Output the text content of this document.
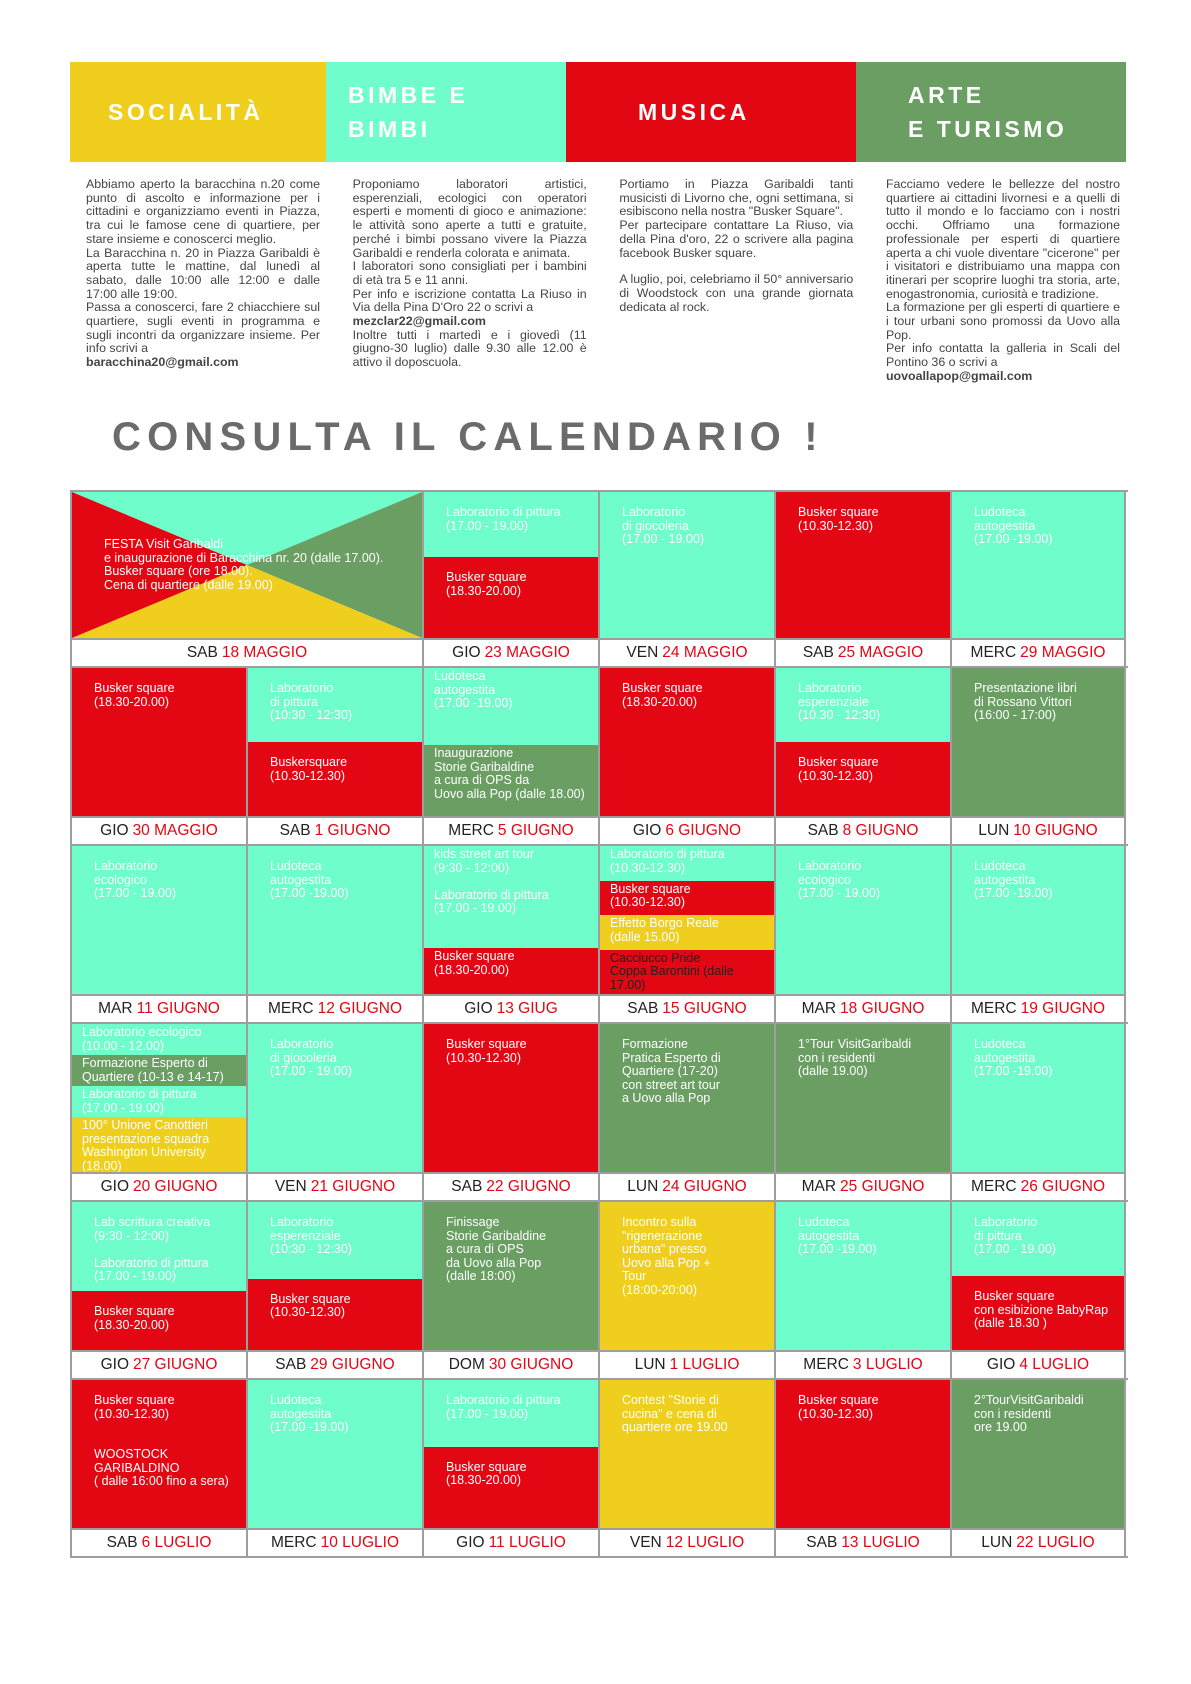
SOCIALITÀ
BIMBE E
BIMBI
MUSICA
ARTE
E TURISMO

Abbiamo aperto la baracchina n.20 come punto di ascolto e informazione per i cittadini e organizziamo eventi in Piazza, tra cui le famose cene di quartiere, per stare insieme e conoscerci meglio.

La Baracchina n. 20 in Piazza Garibaldi è aperta tutte le mattine, dal lunedì al sabato, dalle 10:00 alle 12:00 e dalle 17:00 alle 19:00.

Passa a conoscerci, fare 2 chiacchiere sul quartiere, sugli eventi in programma e sugli incontri da organizzare insieme. Per info scrivi a

baracchina20@gmail.com

Proponiamo laboratori artistici, esperenziali, ecologici con operatori esperti e momenti di gioco e animazione: le attività sono aperte a tutti e gratuite, perché i bimbi possano vivere la Piazza Garibaldi e renderla colorata e animata.

I laboratori sono consigliati per i bambini di età tra 5 e 11 anni.

Per info e iscrizione contatta La Riuso in Via della Pina D'Oro 22 o scrivi a

mezclar22@gmail.com

Inoltre tutti i martedì e i giovedì (11 giugno-30 luglio) dalle 9.30 alle 12.00 è attivo il doposcuola.

Portiamo in Piazza Garibaldi tanti musicisti di Livorno che, ogni settimana, si esibiscono nella nostra "Busker Square".

Per partecipare contattare La Riuso, via della Pina d'oro, 22 o scrivere alla pagina facebook Busker square.

A luglio, poi, celebriamo il 50° anniversario di Woodstock con una grande giornata dedicata al rock.

Facciamo vedere le bellezze del nostro quartiere ai cittadini livornesi e a quelli di tutto il mondo e lo facciamo con i nostri occhi. Offriamo una formazione professionale per esperti di quartiere aperta a chi vuole diventare "cicerone" per i visitatori e distribuiamo una mappa con itinerari per scoprire luoghi tra storia, arte, enogastronomia, curiosità e tradizione.

La formazione per gli esperti di quartiere e i tour urbani sono promossi da Uovo alla Pop.

Per info contatta la galleria in Scali del Pontino 36 o scrivi a

uovoallapop@gmail.com

CONSULTA IL CALENDARIO !
FESTA Visit Garibaldi
e inaugurazione di Baracchina nr. 20 (dalle 17.00).
Busker square (ore 18.00).
Cena di quartiere (dalle 19.00)
SAB 18 MAGGIO
Laboratorio di pittura
(17.00 - 19.00)
Busker square
(18.30-20.00)
GIO 23 MAGGIO
Laboratorio
di giocoleria
(17.00 - 19.00)
VEN 24 MAGGIO
Busker square
(10.30-12.30)
SAB 25 MAGGIO
Ludoteca
autogestita
(17.00 -19.00)
MERC 29 MAGGIO
Busker square
(18.30-20.00)
GIO 30 MAGGIO
Laboratorio
di pittura
(10:30 - 12:30)
Buskersquare
(10.30-12.30)
SAB 1 GIUGNO
Ludoteca
autogestita
(17.00 -19.00)
Inaugurazione
Storie Garibaldine
a cura di OPS da
Uovo alla Pop (dalle 18.00)
MERC 5 GIUGNO
Busker square
(18.30-20.00)
GIO 6 GIUGNO
Laboratorio
esperenziale
(10.30 - 12:30)
Busker square
(10.30-12.30)
SAB 8 GIUGNO
Presentazione libri
di Rossano Vittori
(16:00 - 17:00)
LUN 10 GIUGNO
Laboratorio
ecologico
(17.00 - 19.00)
MAR 11 GIUGNO
Ludoteca
autogestita
(17.00 -19.00)
MERC 12 GIUGNO
kids street art tour
(9:30 - 12:00)

Laboratorio di pittura
(17.00 - 19.00)
Busker square
(18.30-20.00)
GIO 13 GIUG
Laboratorio di pittura
(10.30-12.30)
Busker square
(10.30-12.30)
Effetto Borgo Reale
(dalle 15.00)
Cacciucco Pride
Coppa Barontini (dalle 17.00)
SAB 15 GIUGNO
Laboratorio
ecologico
(17.00 - 19.00)
MAR 18 GIUGNO
Ludoteca
autogestita
(17.00 -19.00)
MERC 19 GIUGNO
Laboratorio ecologico
(10.00 - 12.00)
Formazione Esperto di
Quartiere (10-13 e 14-17)
Laboratorio di pittura
(17.00 - 19.00)
100° Unione Canottieri
presentazione squadra
Washington University (18.00)
GIO 20 GIUGNO
Laboratorio
di giocoleria
(17.00 - 19.00)
VEN 21 GIUGNO
Busker square
(10.30-12.30)
SAB 22 GIUGNO
Formazione
Pratica Esperto di
Quartiere (17-20)
con street art tour
a Uovo alla Pop
LUN 24 GIUGNO
1°Tour VisitGaribaldi
con i residenti
(dalle 19.00)
MAR 25 GIUGNO
Ludoteca
autogestita
(17.00 -19.00)
MERC 26 GIUGNO
Lab scrittura creativa
(9:30 - 12:00)

Laboratorio di pittura
(17.00 - 19.00)
Busker square
(18.30-20.00)
GIO 27 GIUGNO
Laboratorio
esperenziale
(10:30 - 12:30)
Busker square
(10.30-12.30)
SAB 29 GIUGNO
Finissage
Storie Garibaldine
a cura di OPS
da Uovo alla Pop
(dalle 18:00)
DOM 30 GIUGNO
Incontro sulla
"rigenerazione
urbana" presso
Uovo alla Pop +
Tour
(18:00-20:00)
LUN 1 LUGLIO
Ludoteca
autogestita
(17.00 -19.00)
MERC 3 LUGLIO
Laboratorio
di pittura
(17.00 - 19.00)
Busker square
con esibizione BabyRap
(dalle 18.30 )
GIO 4 LUGLIO
Busker square
(10.30-12.30)

WOOSTOCK
GARIBALDINO
( dalle 16:00 fino a sera)
SAB 6 LUGLIO
Ludoteca
autogestita
(17.00 -19.00)
MERC 10 LUGLIO
Laboratorio di pittura
(17.00 - 19.00)
Busker square
(18.30-20.00)
GIO 11 LUGLIO
Contest "Storie di
cucina" e cena di
quartiere ore 19.00
VEN 12 LUGLIO
Busker square
(10.30-12.30)
SAB 13 LUGLIO
2°TourVisitGaribaldi
con i residenti
ore 19.00
LUN 22 LUGLIO
